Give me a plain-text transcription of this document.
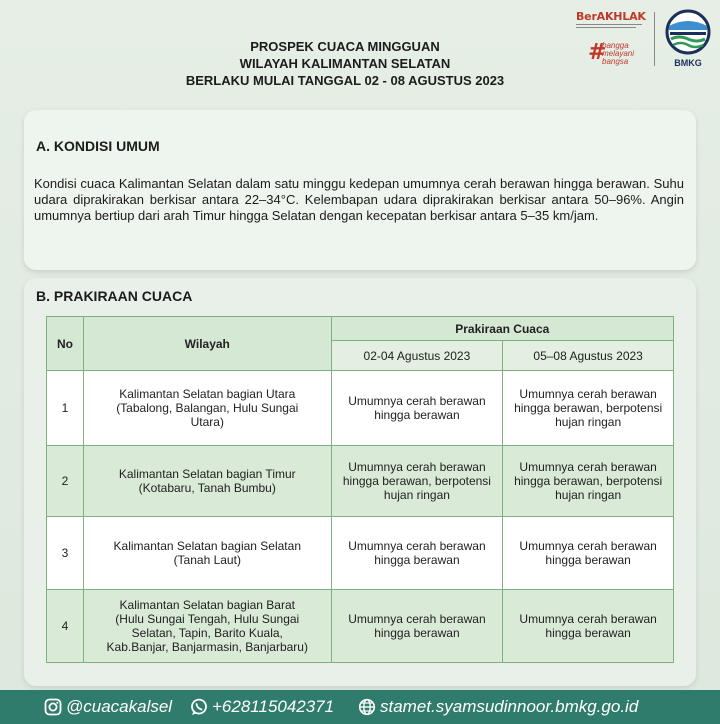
PROSPEK CUACA MINGGUAN
WILAYAH KALIMANTAN SELATAN
BERLAKU MULAI TANGGAL 02 - 08 AGUSTUS 2023
BerAKHLAK
#
bangga
melayani
bangsa	BMKG
A. KONDISI UMUM
Kondisi cuaca Kalimantan Selatan dalam satu minggu kedepan umumnya cerah berawan hingga berawan. Suhu udara diprakirakan berkisar antara 22–34°C. Kelembapan udara diprakirakan berkisar antara 50–96%. Angin umumnya bertiup dari arah Timur hingga Selatan dengan kecepatan berkisar antara 5–35 km/jam.
B. PRAKIRAAN CUACA
No	Wilayah	Prakiraan Cuaca	
		02-04 Agustus 2023	05–08 Agustus 2023
1	Kalimantan Selatan bagian Utara (Tabalong, Balangan, Hulu Sungai Utara)	Umumnya cerah berawan hingga berawan	Umumnya cerah berawan hingga berawan, berpotensi hujan ringan
2	Kalimantan Selatan bagian Timur (Kotabaru, Tanah Bumbu)	Umumnya cerah berawan hingga berawan, berpotensi hujan ringan	Umumnya cerah berawan hingga berawan, berpotensi hujan ringan
3	Kalimantan Selatan bagian Selatan (Tanah Laut)	Umumnya cerah berawan hingga berawan	Umumnya cerah berawan hingga berawan
4	Kalimantan Selatan bagian Barat (Hulu Sungai Tengah, Hulu Sungai Selatan, Tapin, Barito Kuala, Kab.Banjar, Banjarmasin, Banjarbaru)	Umumnya cerah berawan hingga berawan	Umumnya cerah berawan hingga berawan
@cuacakalsel +628115042371	stamet.syamsudinnoor.bmkg.go.id
